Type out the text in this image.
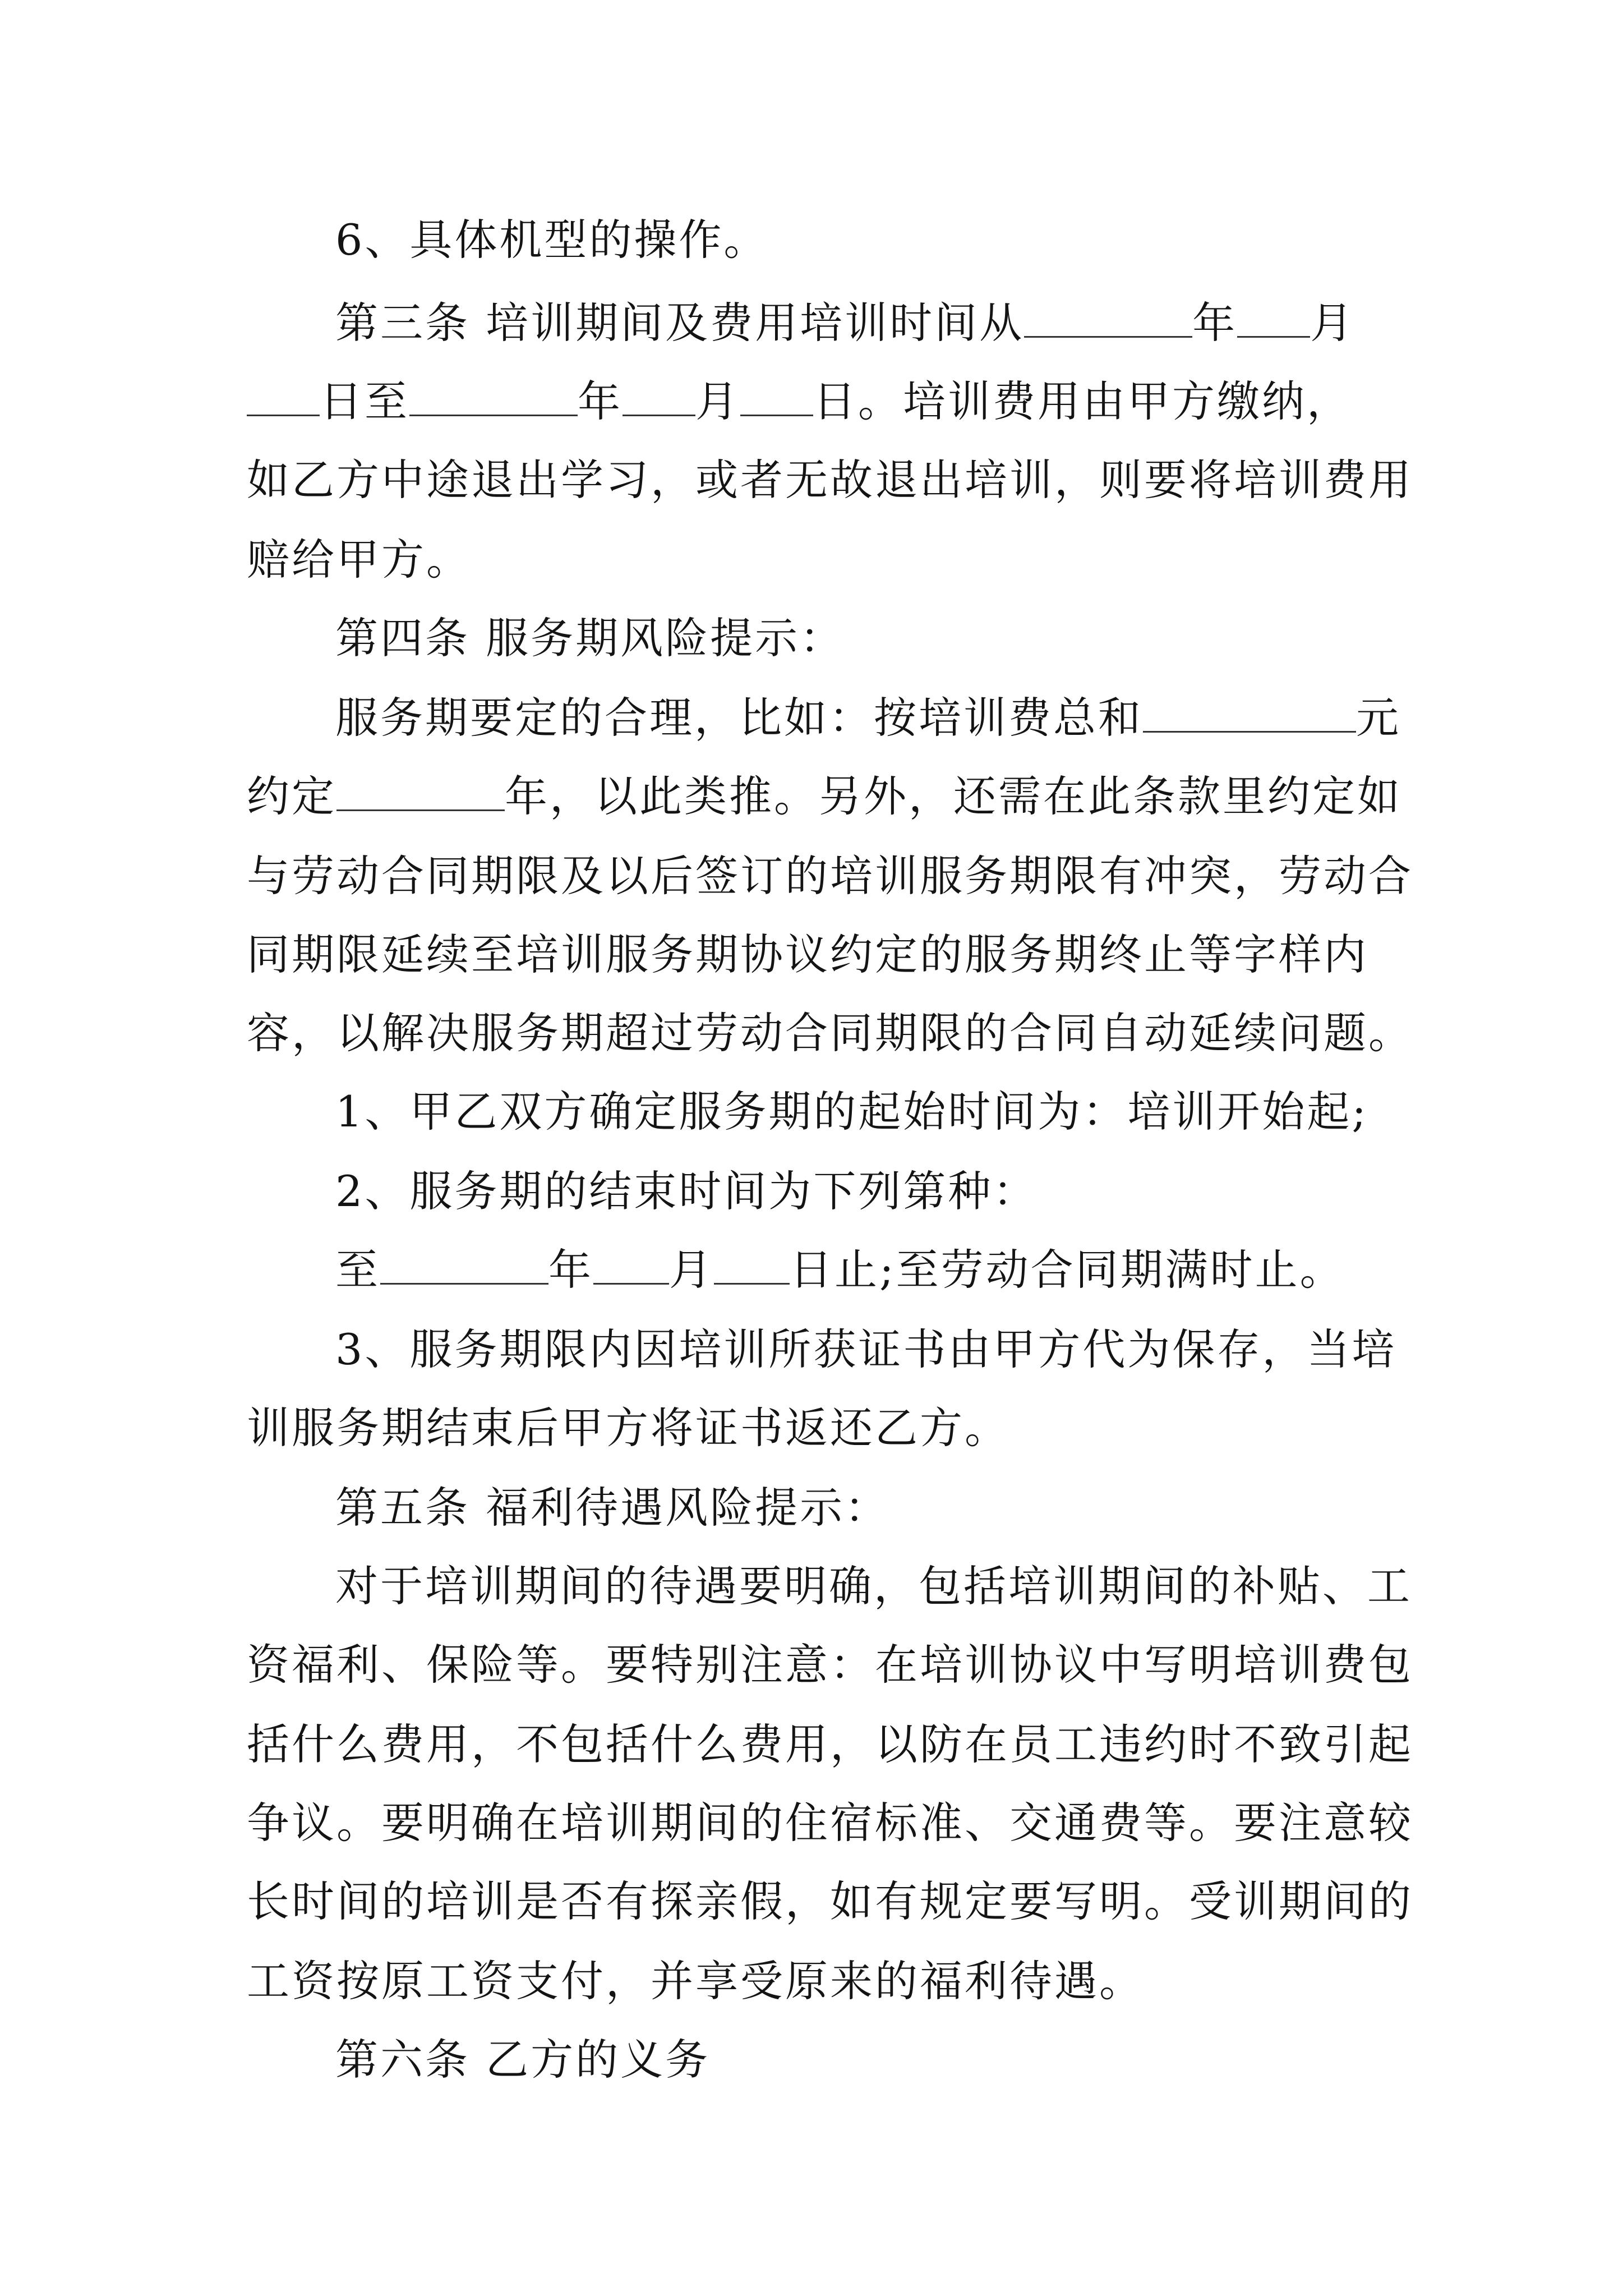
6、具体机型的操作。
第三条 培训期间及费用培训时间从	年 月
日至	年 月 日。培训费用由甲方缴纳，
如乙方中途退出学习，或者无故退出培训，则要将培训费用
赔给甲方。
第四条 服务期风险提示：
服务期要定的合理，比如：按培训费总和	元
约定	年，以此类推。另外，还需在此条款里约定如
与劳动合同期限及以后签订的培训服务期限有冲突，劳动合
同期限延续至培训服务期协议约定的服务期终止等字样内
容，以解决服务期超过劳动合同期限的合同自动延续问题。
1、甲乙双方确定服务期的起始时间为：培训开始起;
2、服务期的结束时间为下列第种：
至	年 月 日止;至劳动合同期满时止。
3、服务期限内因培训所获证书由甲方代为保存，当培
训服务期结束后甲方将证书返还乙方。
第五条 福利待遇风险提示：
对于培训期间的待遇要明确，包括培训期间的补贴、工
资福利、保险等。要特别注意：在培训协议中写明培训费包
括什么费用，不包括什么费用，以防在员工违约时不致引起
争议。要明确在培训期间的住宿标准、交通费等。要注意较
长时间的培训是否有探亲假，如有规定要写明。受训期间的
工资按原工资支付，并享受原来的福利待遇。
第六条 乙方的义务
